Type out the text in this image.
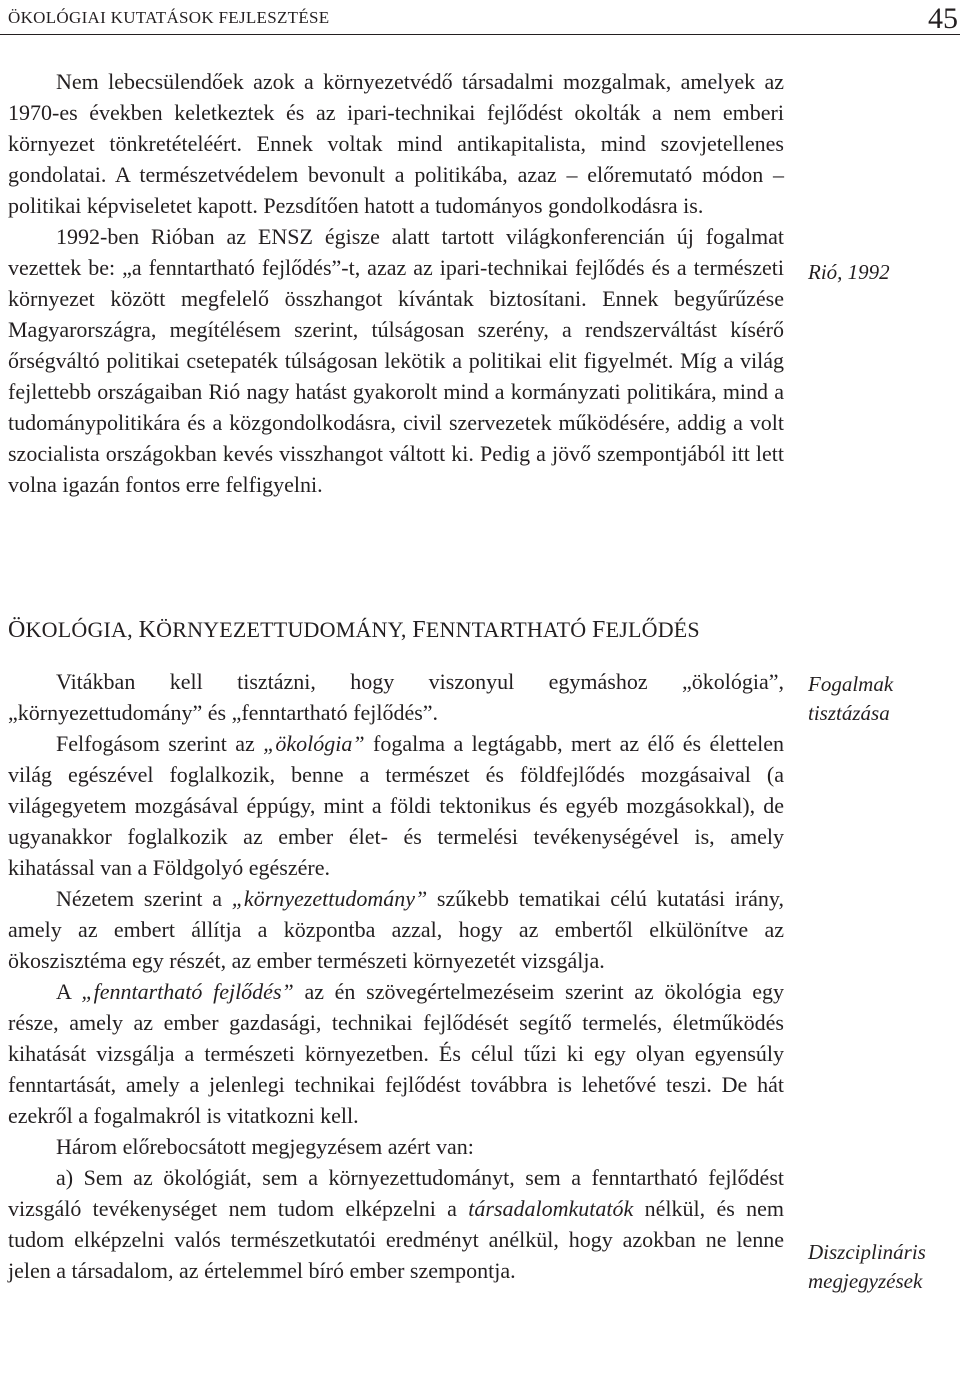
ÖKOLÓGIAI KUTATÁSOK FEJLESZTÉSE	45

Nem lebecsülendőek azok a környezetvédő társadalmi mozgalmak, amelyek az 1970-es években keletkeztek és az ipari-technikai fejlődést okolták a nem emberi környezet tönkretételéért. Ennek voltak mind antikapitalista, mind szovjetellenes gondolatai. A természetvédelem bevonult a politikába, azaz – előremutató módon – politikai képviseletet kapott. Pezsdítően hatott a tudományos gondolkodásra is.

1992-ben Rióban az ENSZ égisze alatt tartott világkonferencián új fogalmat vezettek be: „a fenntartható fejlődés”-t, azaz az ipari-technikai fejlődés és a természeti környezet között megfelelő összhangot kívántak biztosítani. Ennek begyűrűzése Magyarországra, megítélésem szerint, túlságosan szerény, a rendszerváltást kísérő őrségváltó politikai csetepaték túlságosan lekötik a politikai elit figyelmét. Míg a világ fejlettebb országaiban Rió nagy hatást gyakorolt mind a kormányzati politikára, mind a tudománypolitikára és a közgondolkodásra, civil szervezetek működésére, addig a volt szocialista országokban kevés visszhangot váltott ki. Pedig a jövő szempontjából itt lett volna igazán fontos erre felfigyelni.

Rió, 1992
ÖKOLÓGIA, KÖRNYEZETTUDOMÁNY, FENNTARTHATÓ FEJLŐDÉS

Vitákban kell tisztázni, hogy viszonyul egymáshoz „ökológia”, „környezettudomány” és „fenntartható fejlődés”.

Felfogásom szerint az „ökológia” fogalma a legtágabb, mert az élő és élettelen világ egészével foglalkozik, benne a természet és földfejlődés mozgásaival (a világegyetem mozgásával éppúgy, mint a földi tektonikus és egyéb mozgásokkal), de ugyanakkor foglalkozik az ember élet- és termelési tevékenységével is, amely kihatással van a Földgolyó egészére.

Nézetem szerint a „környezettudomány” szűkebb tematikai célú kutatási irány, amely az embert állítja a központba azzal, hogy az embertől elkülönítve az ökoszisztéma egy részét, az ember természeti környezetét vizsgálja.

A „fenntartható fejlődés” az én szövegértelmezéseim szerint az ökológia egy része, amely az ember gazdasági, technikai fejlődését segítő termelés, életműködés kihatását vizsgálja a természeti környezetben. És célul tűzi ki egy olyan egyensúly fenntartását, amely a jelenlegi technikai fejlődést továbbra is lehetővé teszi. De hát ezekről a fogalmakról is vitatkozni kell.

Három előrebocsátott megjegyzésem azért van:

a) Sem az ökológiát, sem a környezettudományt, sem a fenntartható fejlődést vizsgáló tevékenységet nem tudom elképzelni a társadalomkutatók nélkül, és nem tudom elképzelni valós természetkutatói eredményt anélkül, hogy azokban ne lenne jelen a társadalom, az értelemmel bíró ember szempontja.

Fogalmak
tisztázása
Diszciplináris
megjegyzések
